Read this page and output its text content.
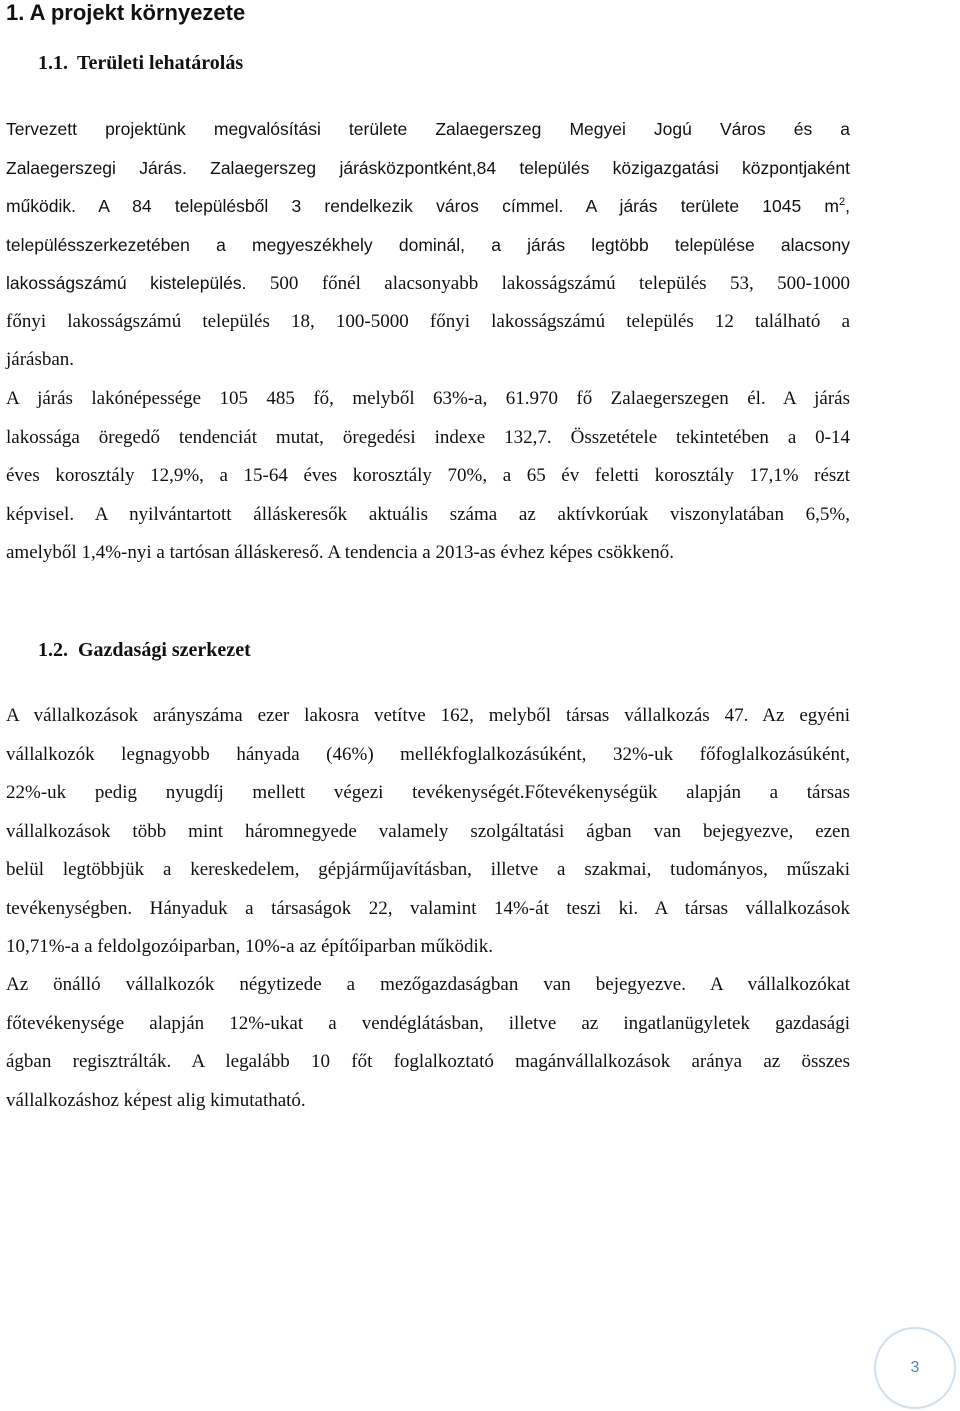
1. A projekt környezete
1.1. Területi lehatárolás
Tervezett projektünk megvalósítási területe Zalaegerszeg Megyei Jogú Város és a
Zalaegerszegi Járás. Zalaegerszeg járásközpontként,84 település közigazgatási központjaként
működik. A 84 településből 3 rendelkezik város címmel. A járás területe 1045 $m^2$,
településszerkezetében a megyeszékhely dominál, a járás legtöbb települése alacsony
lakosságszámú kistelepülés. 500 főnél alacsonyabb lakosságszámú település 53, 500-1000
főnyi lakosságszámú település 18, 100-5000 főnyi lakosságszámú település 12 található a
járásban.
A járás lakónépessége 105 485 fő, melyből 63%-a, 61.970 fő Zalaegerszegen él. A járás
lakossága öregedő tendenciát mutat, öregedési indexe 132,7. Összetétele tekintetében a 0-14
éves korosztály 12,9%, a 15-64 éves korosztály 70%, a 65 év feletti korosztály 17,1% részt
képvisel. A nyilvántartott álláskeresők aktuális száma az aktívkorúak viszonylatában 6,5%,
amelyből 1,4%-nyi a tartósan álláskereső. A tendencia a 2013-as évhez képes csökkenő.
1.2. Gazdasági szerkezet
A vállalkozások arányszáma ezer lakosra vetítve 162, melyből társas vállalkozás 47. Az egyéni
vállalkozók legnagyobb hányada (46%) mellékfoglalkozásúként, 32%-uk főfoglalkozásúként,
22%-uk pedig nyugdíj mellett végezi tevékenységét.Főtevékenységük alapján a társas
vállalkozások több mint háromnegyede valamely szolgáltatási ágban van bejegyezve, ezen
belül legtöbbjük a kereskedelem, gépjárműjavításban, illetve a szakmai, tudományos, műszaki
tevékenységben. Hányaduk a társaságok 22, valamint 14%-át teszi ki. A társas vállalkozások
10,71%-a a feldolgozóiparban, 10%-a az építőiparban működik.
Az önálló vállalkozók négytizede a mezőgazdaságban van bejegyezve. A vállalkozókat
főtevékenysége alapján 12%-ukat a vendéglátásban, illetve az ingatlanügyletek gazdasági
ágban regisztrálták. A legalább 10 főt foglalkoztató magánvállalkozások aránya az összes
vállalkozáshoz képest alig kimutatható.
3
